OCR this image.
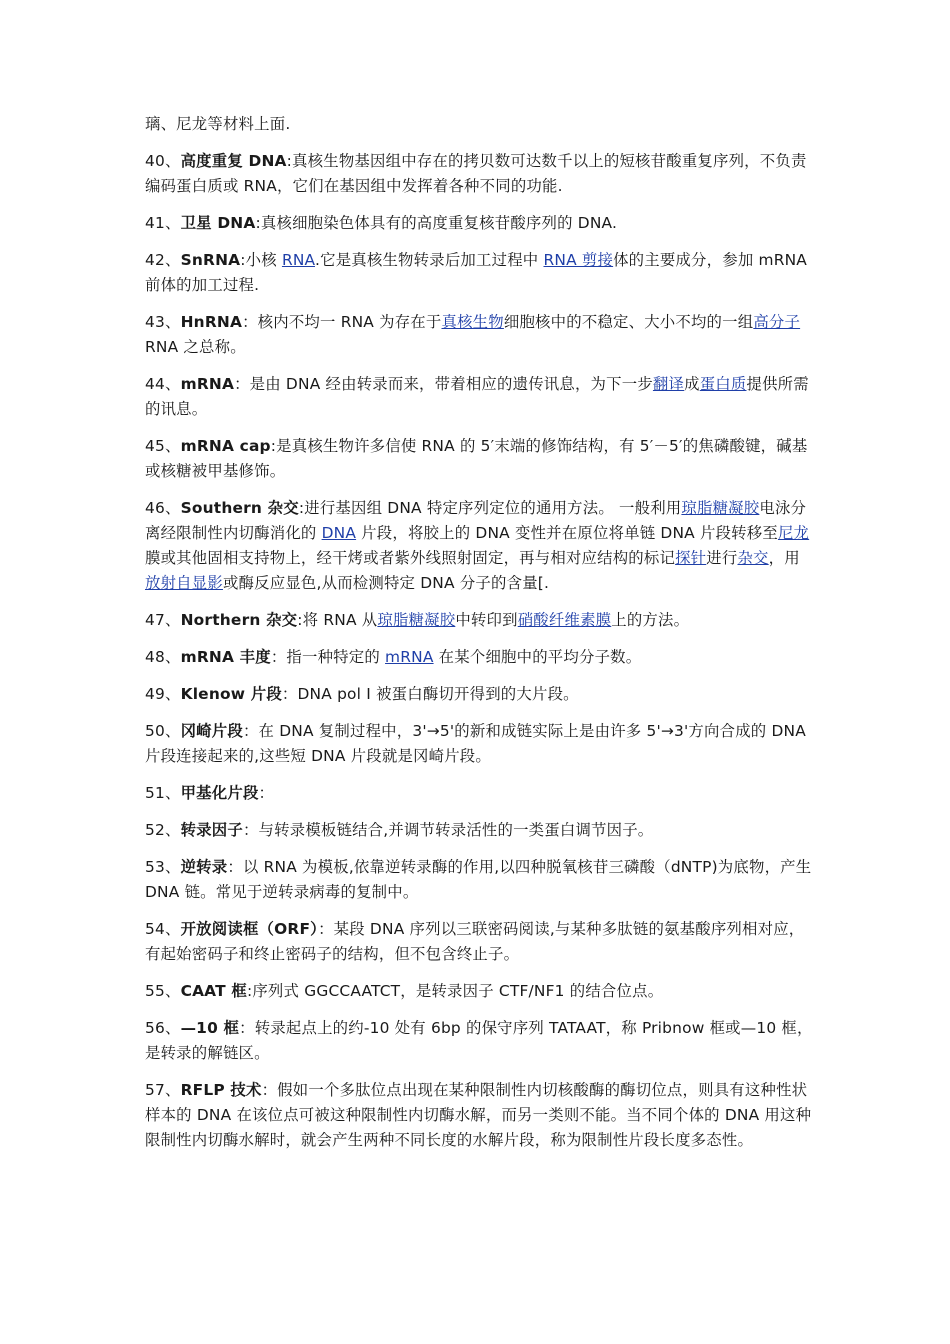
璃、尼龙等材料上面.

40、高度重复 DNA:真核生物基因组中存在的拷贝数可达数千以上的短核苷酸重复序列，不负责编码蛋白质或 RNA，它们在基因组中发挥着各种不同的功能.

41、卫星 DNA:真核细胞染色体具有的高度重复核苷酸序列的 DNA.

42、SnRNA:小核 RNA.它是真核生物转录后加工过程中 RNA 剪接体的主要成分，参加 mRNA 前体的加工过程.

43、HnRNA：核内不均一 RNA 为存在于真核生物细胞核中的不稳定、大小不均的一组高分子 RNA 之总称。

44、mRNA：是由 DNA 经由转录而来，带着相应的遗传讯息，为下一步翻译成蛋白质提供所需的讯息。

45、mRNA cap:是真核生物许多信使 RNA 的 5′末端的修饰结构，有 5′－5′的焦磷酸键，碱基或核糖被甲基修饰。

46、Southern 杂交:进行基因组 DNA 特定序列定位的通用方法。 一般利用琼脂糖凝胶电泳分离经限制性内切酶消化的 DNA 片段，将胶上的 DNA 变性并在原位将单链 DNA 片段转移至尼龙膜或其他固相支持物上，经干烤或者紫外线照射固定，再与相对应结构的标记探针进行杂交，用放射自显影或酶反应显色,从而检测特定 DNA 分子的含量[.

47、Northern 杂交:将 RNA 从琼脂糖凝胶中转印到硝酸纤维素膜上的方法。

48、mRNA 丰度：指一种特定的 mRNA 在某个细胞中的平均分子数。

49、Klenow 片段：DNA pol I 被蛋白酶切开得到的大片段。

50、冈崎片段：在 DNA 复制过程中，3'→5'的新和成链实际上是由许多 5'→3'方向合成的 DNA 片段连接起来的,这些短 DNA 片段就是冈崎片段。

51、甲基化片段：

52、转录因子：与转录模板链结合,并调节转录活性的一类蛋白调节因子。

53、逆转录：以 RNA 为模板,依靠逆转录酶的作用,以四种脱氧核苷三磷酸（dNTP)为底物，产生 DNA 链。常见于逆转录病毒的复制中。

54、开放阅读框（ORF）：某段 DNA 序列以三联密码阅读,与某种多肽链的氨基酸序列相对应，有起始密码子和终止密码子的结构，但不包含终止子。

55、CAAT 框:序列式 GGCCAATCT，是转录因子 CTF/NF1 的结合位点。

56、—10 框：转录起点上的约-10 处有 6bp 的保守序列 TATAAT，称 Pribnow 框或—10 框，是转录的解链区。

57、RFLP 技术：假如一个多肽位点出现在某种限制性内切核酸酶的酶切位点，则具有这种性状样本的 DNA 在该位点可被这种限制性内切酶水解，而另一类则不能。当不同个体的 DNA 用这种限制性内切酶水解时，就会产生两种不同长度的水解片段，称为限制性片段长度多态性。
